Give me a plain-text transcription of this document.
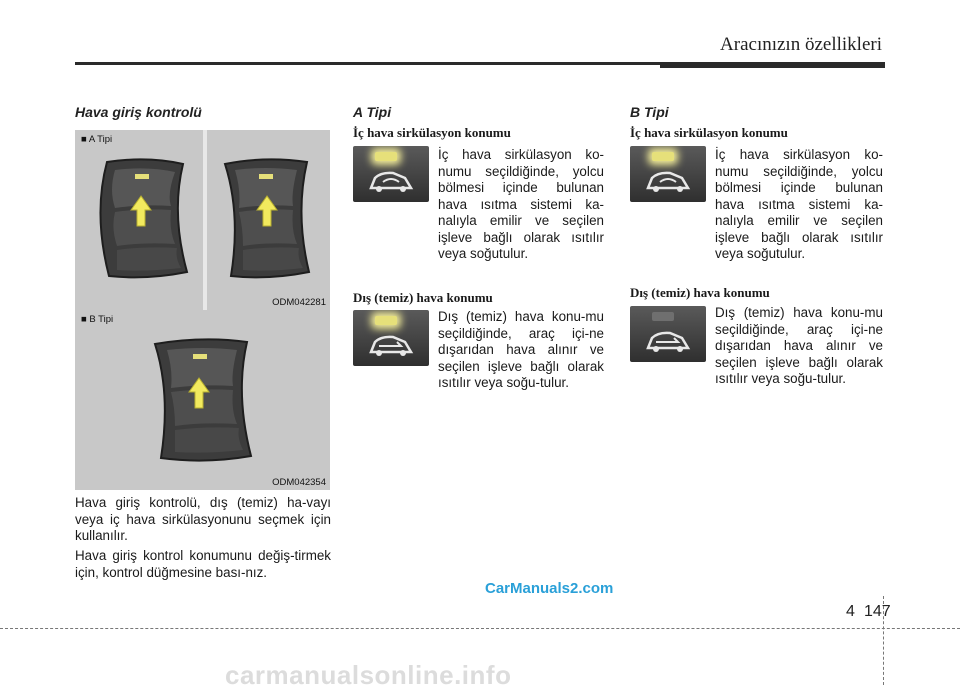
Aracınızın özellikleri
Hava giriş kontrolü
■ A Tipi
ODM042281
■ B Tipi
ODM042354
Hava giriş kontrolü, dış (temiz) ha-vayı veya iç hava sirkülasyonunu seçmek için kullanılır.
Hava giriş kontrol konumunu değiş-tirmek için, kontrol düğmesine bası-nız.
A Tipi
İç hava sirkülasyon konumu
İç hava sirkülasyon ko-numu seçildiğinde, yolcu bölmesi içinde bulunan hava ısıtma sistemi ka-nalıyla emilir ve seçilen işleve bağlı olarak ısıtılır veya soğutulur.
Dış (temiz) hava konumu
Dış (temiz) hava konu-mu seçildiğinde, araç içi-ne dışarıdan hava alınır ve seçilen işleve bağlı olarak ısıtılır veya soğu-tulur.
B Tipi
İç hava sirkülasyon konumu
İç hava sirkülasyon ko-numu seçildiğinde, yolcu bölmesi içinde bulunan hava ısıtma sistemi ka-nalıyla emilir ve seçilen işleve bağlı olarak ısıtılır veya soğutulur.
Dış (temiz) hava konumu
Dış (temiz) hava konu-mu seçildiğinde, araç içi-ne dışarıdan hava alınır ve seçilen işleve bağlı olarak ısıtılır veya soğu-tulur.
CarManuals2.com
carmanualsonline.info
4 147
